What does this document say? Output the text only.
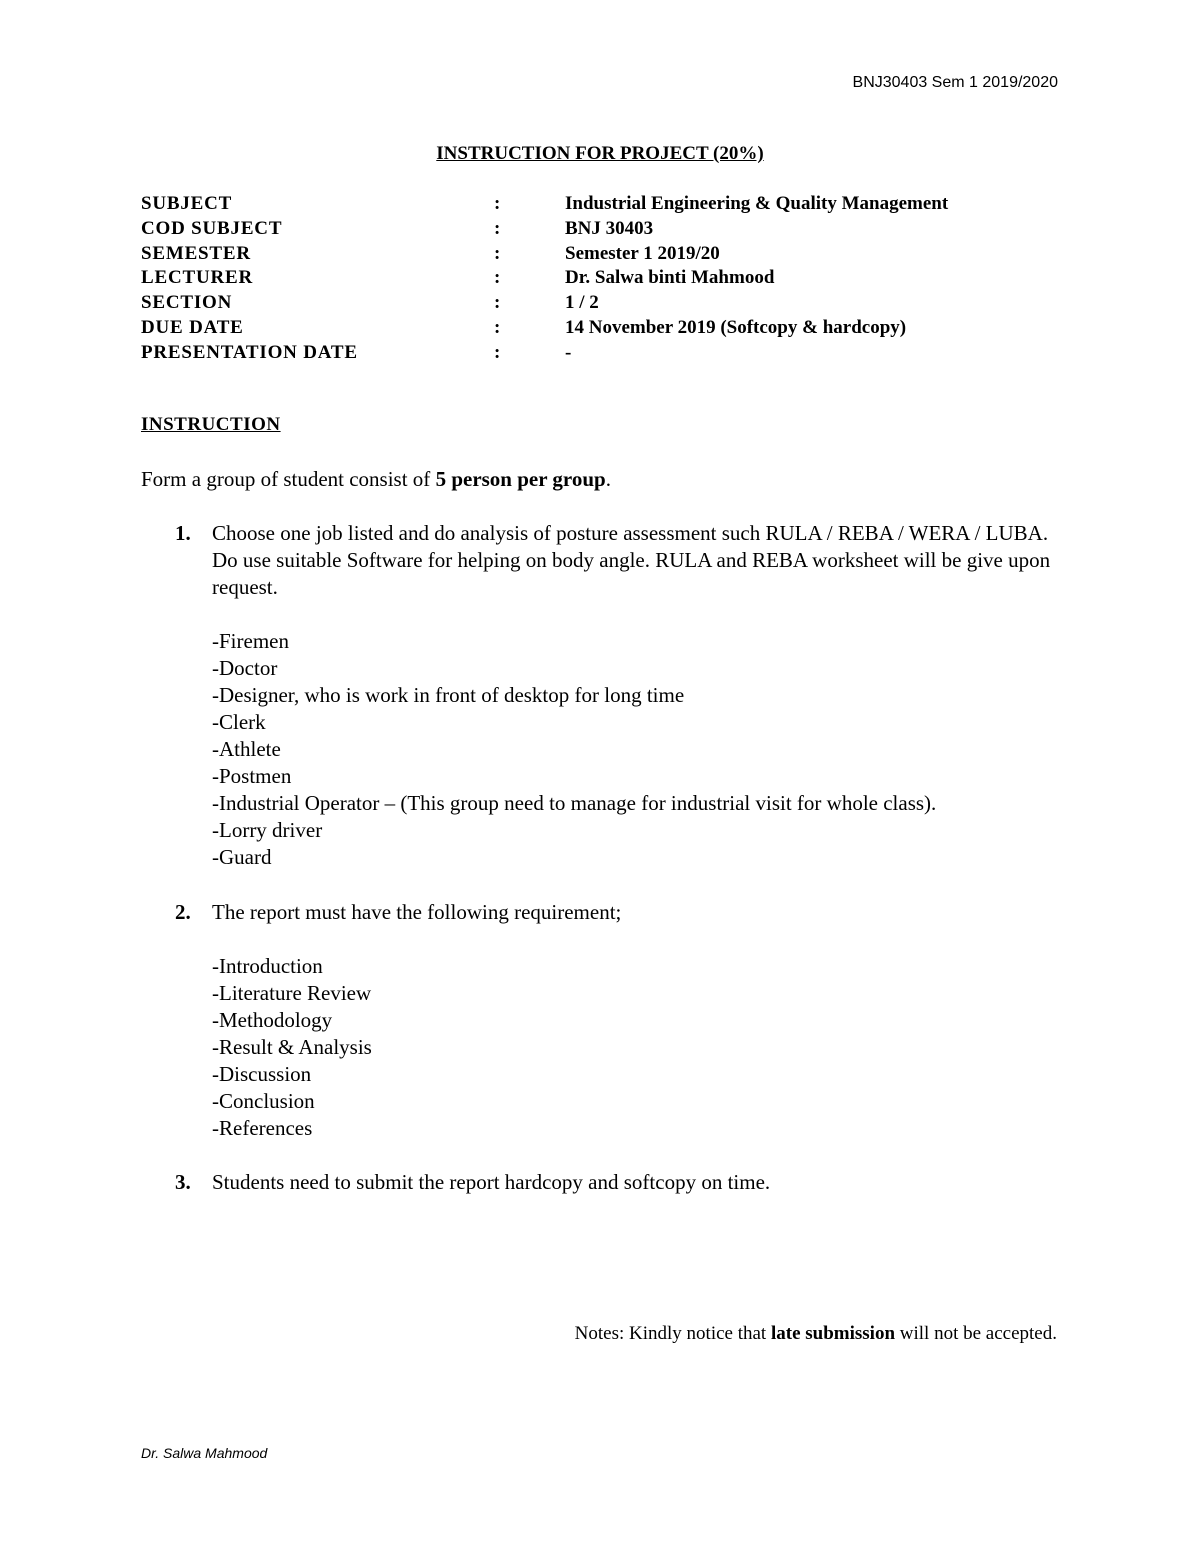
BNJ30403 Sem 1 2019/2020
INSTRUCTION FOR PROJECT (20%)
SUBJECT	:	Industrial Engineering & Quality Management
COD SUBJECT	:	BNJ 30403
SEMESTER	:	Semester 1 2019/20
LECTURER	:	Dr. Salwa binti Mahmood
SECTION	:	1 / 2
DUE DATE	:	14 November 2019 (Softcopy & hardcopy)
PRESENTATION DATE	:	-
INSTRUCTION
Form a group of student consist of 5 person per group.
1. Choose one job listed and do analysis of posture assessment such RULA / REBA / WERA / LUBA. Do use suitable Software for helping on body angle. RULA and REBA worksheet will be give upon request.
-Firemen
-Doctor
-Designer, who is work in front of desktop for long time
-Clerk
-Athlete
-Postmen
-Industrial Operator – (This group need to manage for industrial visit for whole class).
-Lorry driver
-Guard
2. The report must have the following requirement;
-Introduction
-Literature Review
-Methodology
-Result & Analysis
-Discussion
-Conclusion
-References
3. Students need to submit the report hardcopy and softcopy on time.
Notes: Kindly notice that late submission will not be accepted.
Dr. Salwa Mahmood
